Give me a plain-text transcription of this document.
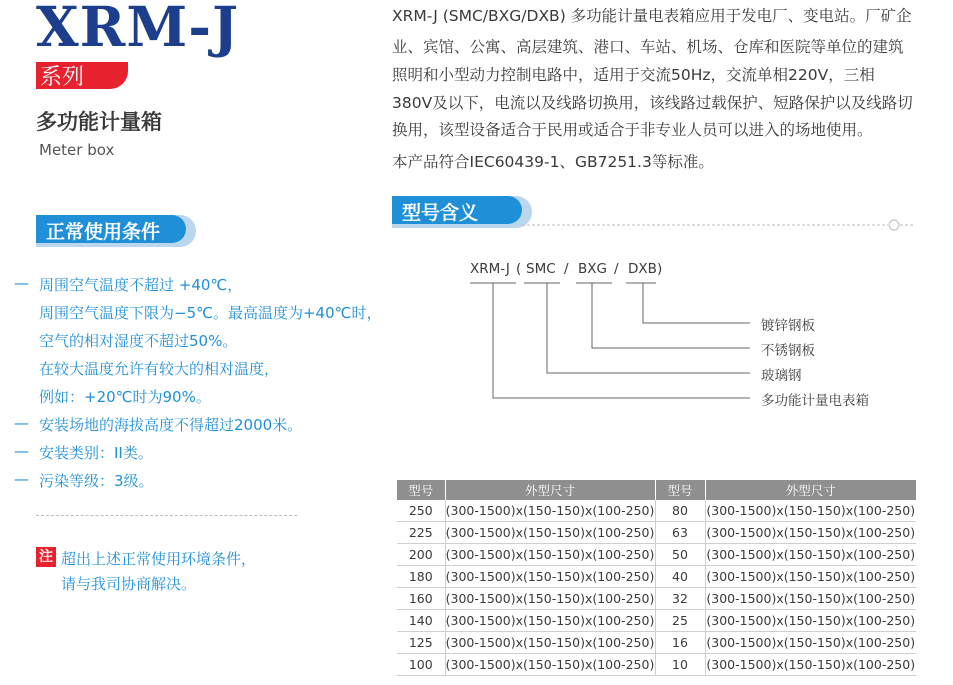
XRM-J
系列
多功能计量箱
Meter box
XRM-J (SMC/BXG/DXB) 多功能计量电表箱应用于发电厂、变电站。厂矿企
业、宾馆、公寓、高层建筑、港口、车站、机场、仓库和医院等单位的建筑
照明和小型动力控制电路中，适用于交流50Hz，交流单相220V，三相
380V及以下，电流以及线路切换用，该线路过载保护、短路保护以及线路切
换用，该型设备适合于民用或适合于非专业人员可以进入的场地使用。
本产品符合IEC60439-1、GB7251.3等标准。
正常使用条件
— 周围空气温度不超过 +40℃，
周围空气温度下限为−5℃。最高温度为+40℃时，
空气的相对湿度不超过50%。
在较大温度允许有较大的相对温度，
例如：+20℃时为90%。
— 安装场地的海拔高度不得超过2000米。
— 安装类别：II类。
— 污染等级：3级。
注 超出上述正常使用环境条件，
请与我司协商解决。
型号含义
XRM-J ( SMC / BXG / DXB )
镀锌钢板
不锈钢板
玻璃钢
多功能计量电表箱
型号	外型尺寸	型号	外型尺寸
250	(300-1500)x(150-150)x(100-250)	80	(300-1500)x(150-150)x(100-250)
225	(300-1500)x(150-150)x(100-250)	63	(300-1500)x(150-150)x(100-250)
200	(300-1500)x(150-150)x(100-250)	50	(300-1500)x(150-150)x(100-250)
180	(300-1500)x(150-150)x(100-250)	40	(300-1500)x(150-150)x(100-250)
160	(300-1500)x(150-150)x(100-250)	32	(300-1500)x(150-150)x(100-250)
140	(300-1500)x(150-150)x(100-250)	25	(300-1500)x(150-150)x(100-250)
125	(300-1500)x(150-150)x(100-250)	16	(300-1500)x(150-150)x(100-250)
100	(300-1500)x(150-150)x(100-250)	10	(300-1500)x(150-150)x(100-250)
